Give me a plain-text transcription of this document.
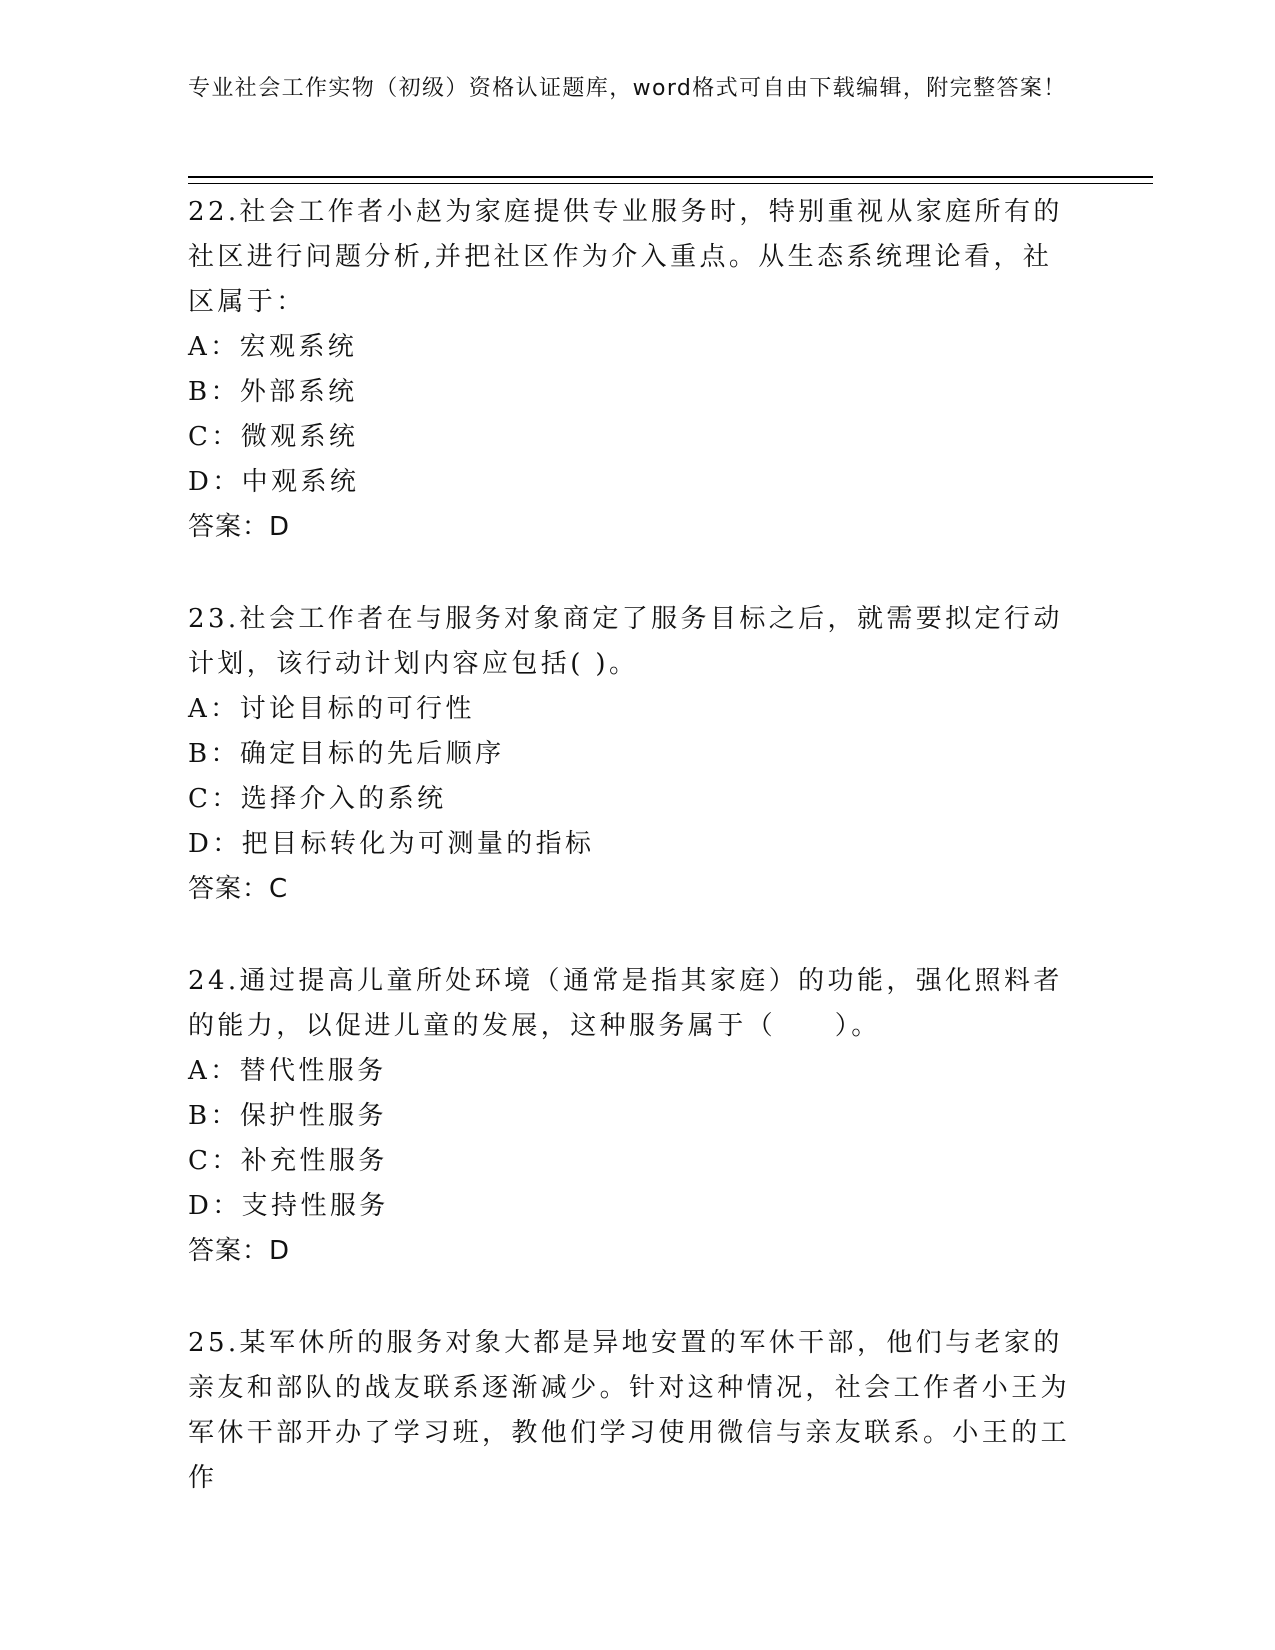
专业社会工作实物（初级）资格认证题库，word格式可自由下载编辑，附完整答案！
22.社会工作者小赵为家庭提供专业服务时，特别重视从家庭所有的社区进行问题分析,并把社区作为介入重点。从生态系统理论看，社区属于：
A：宏观系统
B：外部系统
C：微观系统
D：中观系统
答案：D
23.社会工作者在与服务对象商定了服务目标之后，就需要拟定行动计划，该行动计划内容应包括( )。
A：讨论目标的可行性
B：确定目标的先后顺序
C：选择介入的系统
D：把目标转化为可测量的指标
答案：C
24.通过提高儿童所处环境（通常是指其家庭）的功能，强化照料者的能力，以促进儿童的发展，这种服务属于（　　）。
A：替代性服务
B：保护性服务
C：补充性服务
D：支持性服务
答案：D
25.某军休所的服务对象大都是异地安置的军休干部，他们与老家的亲友和部队的战友联系逐渐减少。针对这种情况，社会工作者小王为军休干部开办了学习班，教他们学习使用微信与亲友联系。小王的工作
